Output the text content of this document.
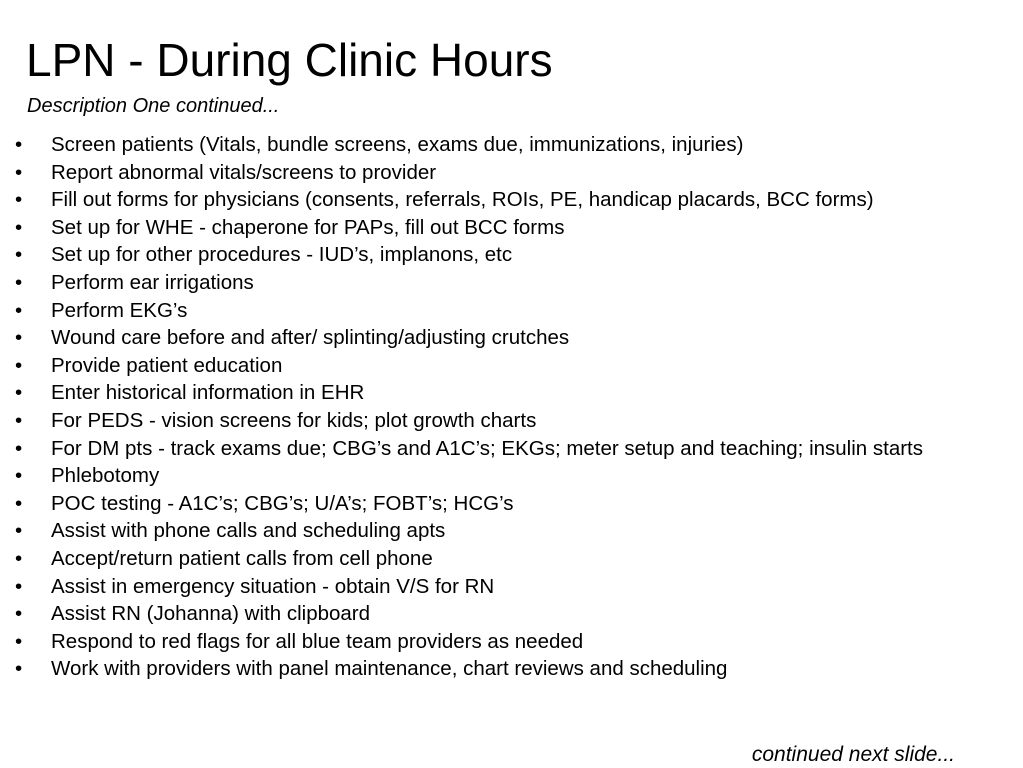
LPN - During Clinic Hours
Description One continued...
• Screen patients (Vitals, bundle screens, exams due, immunizations, injuries)
• Report abnormal vitals/screens to provider
• Fill out forms for physicians (consents, referrals, ROIs, PE, handicap placards, BCC forms)
• Set up for WHE - chaperone for PAPs, fill out BCC forms
• Set up for other procedures - IUD’s, implanons, etc
• Perform ear irrigations
• Perform EKG’s
• Wound care before and after/ splinting/adjusting crutches
• Provide patient education
• Enter historical information in EHR
• For PEDS - vision screens for kids; plot growth charts
• For DM pts - track exams due; CBG’s and A1C’s; EKGs; meter setup and teaching; insulin starts
• Phlebotomy
• POC testing - A1C’s; CBG’s; U/A’s; FOBT’s; HCG’s
• Assist with phone calls and scheduling apts
• Accept/return patient calls from cell phone
• Assist in emergency situation - obtain V/S for RN
• Assist RN (Johanna) with clipboard
• Respond to red flags for all blue team providers as needed
• Work with providers with panel maintenance, chart reviews and scheduling
continued next slide...
